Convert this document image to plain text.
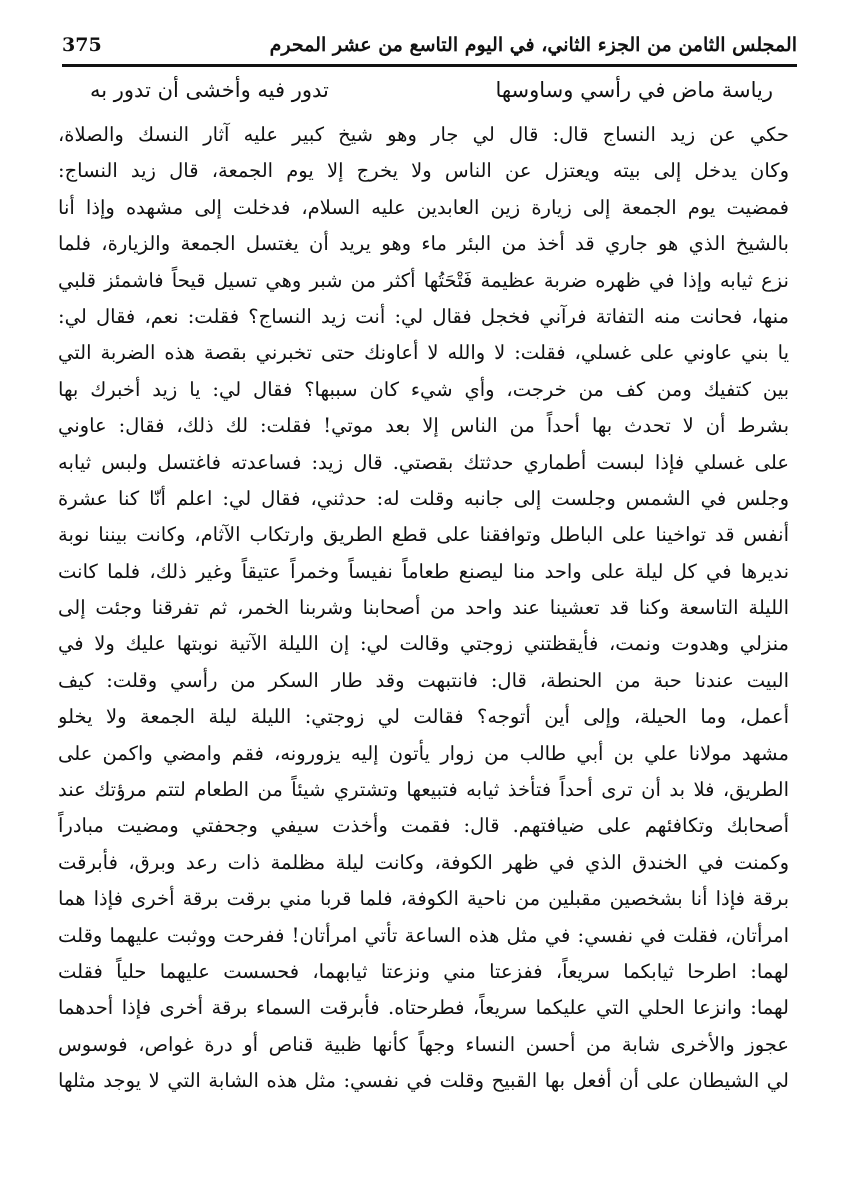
المجلس الثامن من الجزء الثاني، في اليوم التاسع من عشر المحرم
375
رياسة ماض في رأسي وساوسها
تدور فيه وأخشى أن تدور به
حكي عن زيد النساج قال: قال لي جار وهو شيخ كبير عليه آثار النسك والصلاة،
وكان يدخل إلى بيته ويعتزل عن الناس ولا يخرج إلا يوم الجمعة، قال زيد النساج:
فمضيت يوم الجمعة إلى زيارة زين العابدين عليه السلام، فدخلت إلى مشهده وإذا أنا
بالشيخ الذي هو جاري قد أخذ من البئر ماء وهو يريد أن يغتسل الجمعة والزيارة، فلما
نزع ثيابه وإذا في ظهره ضربة عظيمة فَتْحَتُها أكثر من شبر وهي تسيل قيحاً فاشمئز قلبي
منها، فحانت منه التفاتة فرآني فخجل فقال لي: أنت زيد النساج؟ فقلت: نعم، فقال لي:
يا بني عاوني على غسلي، فقلت: لا والله لا أعاونك حتى تخبرني بقصة هذه الضربة التي
بين كتفيك ومن كف من خرجت، وأي شيء كان سببها؟ فقال لي: يا زيد أخبرك بها
بشرط أن لا تحدث بها أحداً من الناس إلا بعد موتي! فقلت: لك ذلك، فقال: عاوني
على غسلي فإذا لبست أطماري حدثتك بقصتي. قال زيد: فساعدته فاغتسل ولبس ثيابه
وجلس في الشمس وجلست إلى جانبه وقلت له: حدثني، فقال لي: اعلم أنّا كنا عشرة
أنفس قد تواخينا على الباطل وتوافقنا على قطع الطريق وارتكاب الآثام، وكانت بيننا نوبة
نديرها في كل ليلة على واحد منا ليصنع طعاماً نفيساً وخمراً عتيقاً وغير ذلك، فلما كانت
الليلة التاسعة وكنا قد تعشينا عند واحد من أصحابنا وشربنا الخمر، ثم تفرقنا وجئت إلى
منزلي وهدوت ونمت، فأيقظتني زوجتي وقالت لي: إن الليلة الآتية نوبتها عليك ولا في
البيت عندنا حبة من الحنطة، قال: فانتبهت وقد طار السكر من رأسي وقلت: كيف
أعمل، وما الحيلة، وإلى أين أتوجه؟ فقالت لي زوجتي: الليلة ليلة الجمعة ولا يخلو
مشهد مولانا علي بن أبي طالب من زوار يأتون إليه يزورونه، فقم وامضي واكمن على
الطريق، فلا بد أن ترى أحداً فتأخذ ثيابه فتبيعها وتشتري شيئاً من الطعام لتتم مرؤتك عند
أصحابك وتكافئهم على ضيافتهم. قال: فقمت وأخذت سيفي وجحفتي ومضيت مبادراً
وكمنت في الخندق الذي في ظهر الكوفة، وكانت ليلة مظلمة ذات رعد وبرق، فأبرقت
برقة فإذا أنا بشخصين مقبلين من ناحية الكوفة، فلما قربا مني برقت برقة أخرى فإذا هما
امرأتان، فقلت في نفسي: في مثل هذه الساعة تأتي امرأتان! ففرحت ووثبت عليهما وقلت
لهما: اطرحا ثيابكما سريعاً، ففزعتا مني ونزعتا ثيابهما، فحسست عليهما حلياً فقلت
لهما: وانزعا الحلي التي عليكما سريعاً، فطرحتاه. فأبرقت السماء برقة أخرى فإذا أحدهما
عجوز والأخرى شابة من أحسن النساء وجهاً كأنها ظبية قناص أو درة غواص، فوسوس
لي الشيطان على أن أفعل بها القبيح وقلت في نفسي: مثل هذه الشابة التي لا يوجد مثلها
